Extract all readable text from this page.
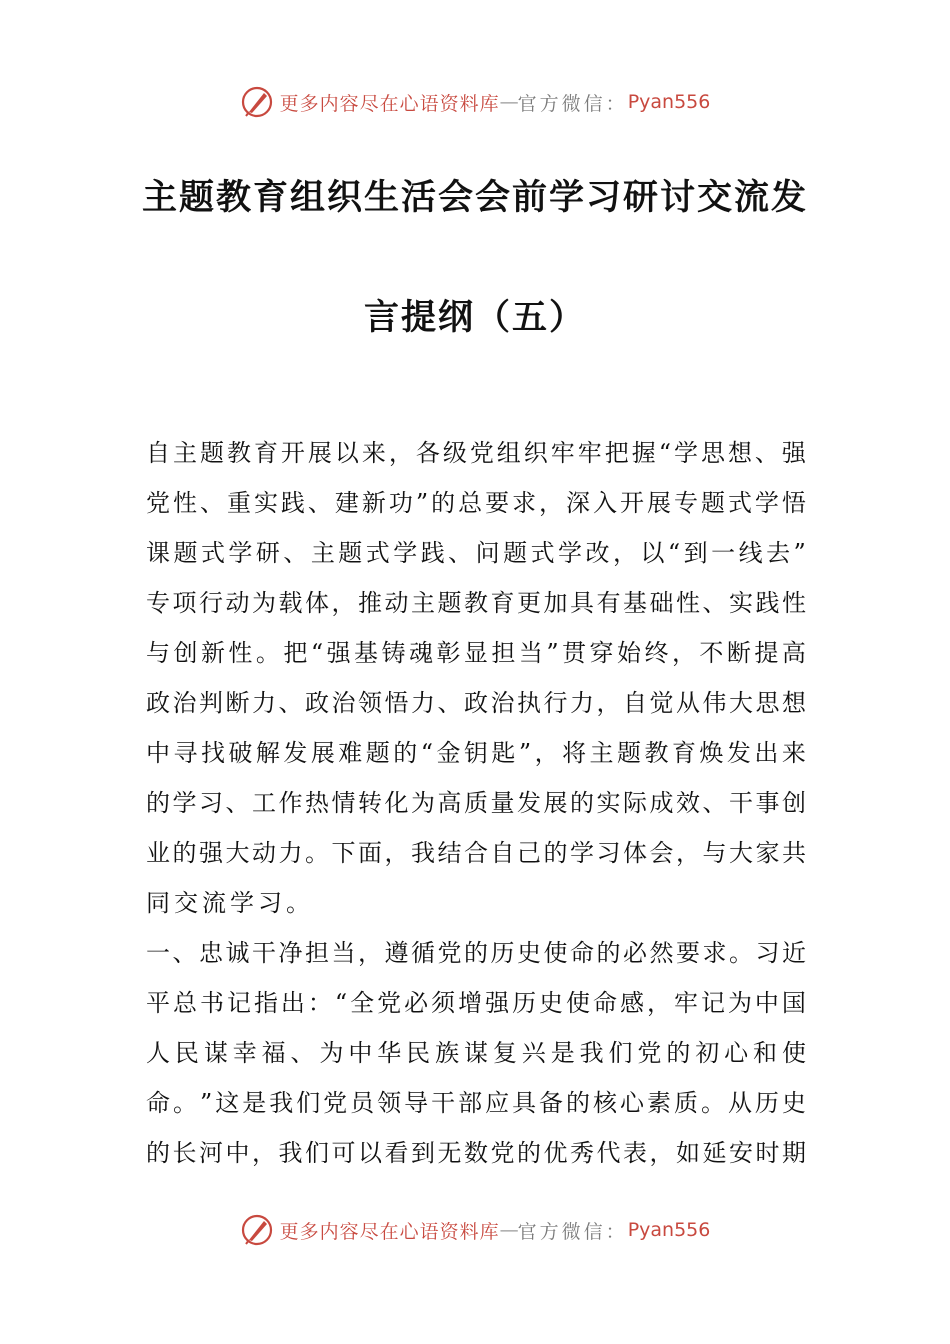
更多内容尽在心语资料库 — 官方微信： Pyan556
主题教育组织生活会会前学习研讨交流发
言提纲（五）
自 主 题 教 育 开 展 以 来 ， 各 级 党 组 织 牢 牢 把 握 “ 学 思 想 、 强
党 性 、 重 实 践 、 建 新 功 ” 的 总 要 求 ， 深 入 开 展 专 题 式 学 悟
课 题 式 学 研 、 主 题 式 学 践 、 问 题 式 学 改 ， 以 “ 到 一 线 去 ”
专 项 行 动 为 载 体 ， 推 动 主 题 教 育 更 加 具 有 基 础 性 、 实 践 性
与 创 新 性 。 把 “ 强 基 铸 魂 彰 显 担 当 ” 贯 穿 始 终 ， 不 断 提 高
政 治 判 断 力 、 政 治 领 悟 力 、 政 治 执 行 力 ， 自 觉 从 伟 大 思 想
中 寻 找 破 解 发 展 难 题 的 “ 金 钥 匙 ” ， 将 主 题 教 育 焕 发 出 来
的 学 习 、 工 作 热 情 转 化 为 高 质 量 发 展 的 实 际 成 效 、 干 事 创
业 的 强 大 动 力 。 下 面 ， 我 结 合 自 己 的 学 习 体 会 ， 与 大 家 共
同交流学习。
一 、 忠 诚 干 净 担 当 ， 遵 循 党 的 历 史 使 命 的 必 然 要 求 。 习 近
平 总 书 记 指 出 ： “ 全 党 必 须 增 强 历 史 使 命 感 ， 牢 记 为 中 国
人 民 谋 幸 福 、 为 中 华 民 族 谋 复 兴 是 我 们 党 的 初 心 和 使
命 。 ” 这 是 我 们 党 员 领 导 干 部 应 具 备 的 核 心 素 质 。 从 历 史
的 长 河 中 ， 我 们 可 以 看 到 无 数 党 的 优 秀 代 表 ， 如 延 安 时 期
更多内容尽在心语资料库 — 官方微信： Pyan556
